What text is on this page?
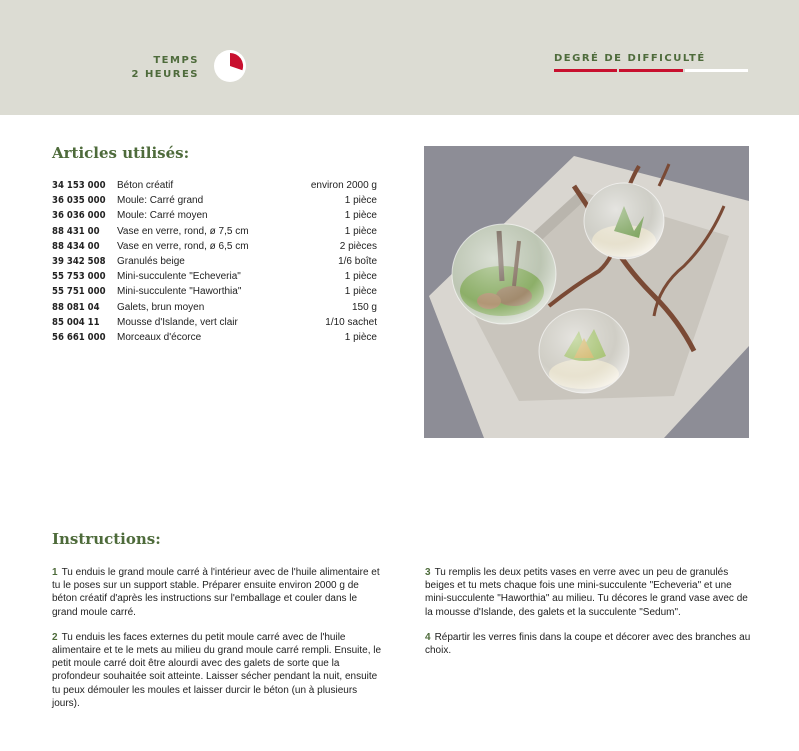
TEMPS
2 HEURES
DEGRÉ DE DIFFICULTÉ
Articles utilisés:
34 153 000	Béton créatif	environ 2000 g
36 035 000	Moule: Carré grand	1 pièce
36 036 000	Moule: Carré moyen	1 pièce
88 431 00	Vase en verre, rond, ø 7,5 cm	1 pièce
88 434 00	Vase en verre, rond, ø 6,5 cm	2 pièces
39 342 508	Granulés beige	1/6 boîte
55 753 000	Mini-succulente "Echeveria"	1 pièce
55 751 000	Mini-succulente "Haworthia"	1 pièce
88 081 04	Galets, brun moyen	150 g
85 004 11	Mousse d'Islande, vert clair	1/10 sachet
56 661 000	Morceaux d'écorce	1 pièce
Instructions:

1 Tu enduis le grand moule carré à l'intérieur avec de l'huile alimentaire et tu le poses sur un support stable. Préparer ensuite environ 2000 g de béton créatif d'après les instructions sur l'emballage et couler dans le grand moule carré.

2 Tu enduis les faces externes du petit moule carré avec de l'huile alimentaire et te le mets au milieu du grand moule carré rempli. Ensuite, le petit moule carré doit être alourdi avec des galets de sorte que la profondeur souhaitée soit atteinte. Laisser sécher pendant la nuit, ensuite tu peux démouler les moules et laisser durcir le béton (un à plusieurs jours).

3 Tu remplis les deux petits vases en verre avec un peu de granulés beiges et tu mets chaque fois une mini-succulente "Echeveria" et une mini-succulente "Haworthia" au milieu. Tu décores le grand vase avec de la mousse d'Islande, des galets et la succulente "Sedum".

4 Répartir les verres finis dans la coupe et décorer avec des branches au choix.
